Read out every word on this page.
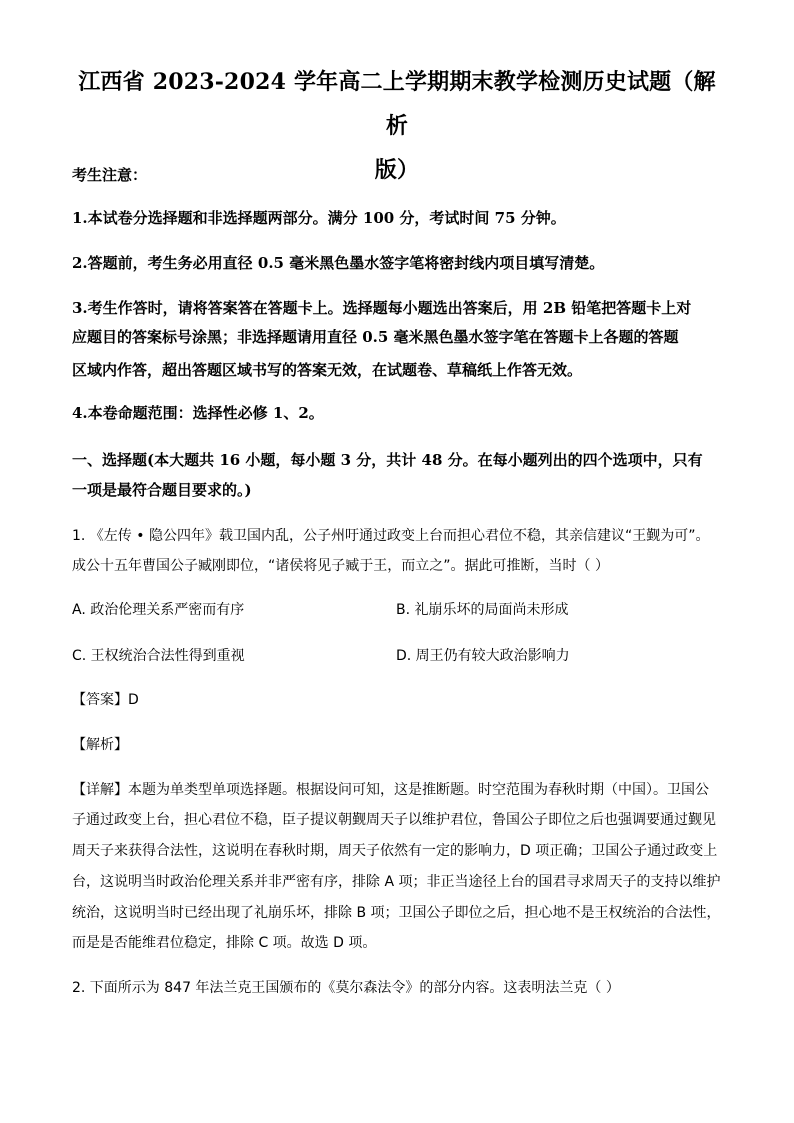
江西省 2023-2024 学年高二上学期期末教学检测历史试题（解析
版）
考生注意：
1.本试卷分选择题和非选择题两部分。满分 100 分，考试时间 75 分钟。
2.答题前，考生务必用直径 0.5 毫米黑色墨水签字笔将密封线内项目填写清楚。
3.考生作答时，请将答案答在答题卡上。选择题每小题选出答案后，用 2B 铅笔把答题卡上对
应题目的答案标号涂黑；非选择题请用直径 0.5 毫米黑色墨水签字笔在答题卡上各题的答题
区域内作答，超出答题区域书写的答案无效，在试题卷、草稿纸上作答无效。
4.本卷命题范围：选择性必修 1、2。
一、选择题(本大题共 16 小题，每小题 3 分，共计 48 分。在每小题列出的四个选项中，只有
一项是最符合题目要求的。)
1. 《左传 • 隐公四年》载卫国内乱，公子州吁通过政变上台而担心君位不稳，其亲信建议“王觐为可”。
成公十五年曹国公子臧刚即位，“诸侯将见子臧于王，而立之”。据此可推断，当时（ ）
A. 政治伦理关系严密而有序	B. 礼崩乐坏的局面尚未形成
C. 王权统治合法性得到重视	D. 周王仍有较大政治影响力
【答案】D
【解析】
【详解】本题为单类型单项选择题。根据设问可知，这是推断题。时空范围为春秋时期（中国）。卫国公
子通过政变上台，担心君位不稳，臣子提议朝觐周天子以维护君位，鲁国公子即位之后也强调要通过觐见
周天子来获得合法性，这说明在春秋时期，周天子依然有一定的影响力，D 项正确；卫国公子通过政变上
台，这说明当时政治伦理关系并非严密有序，排除 A 项；非正当途径上台的国君寻求周天子的支持以维护
统治，这说明当时已经出现了礼崩乐坏，排除 B 项；卫国公子即位之后，担心地不是王权统治的合法性，
而是是否能维君位稳定，排除 C 项。故选 D 项。
2. 下面所示为 847 年法兰克王国颁布的《莫尔森法令》的部分内容。这表明法兰克（ ）
